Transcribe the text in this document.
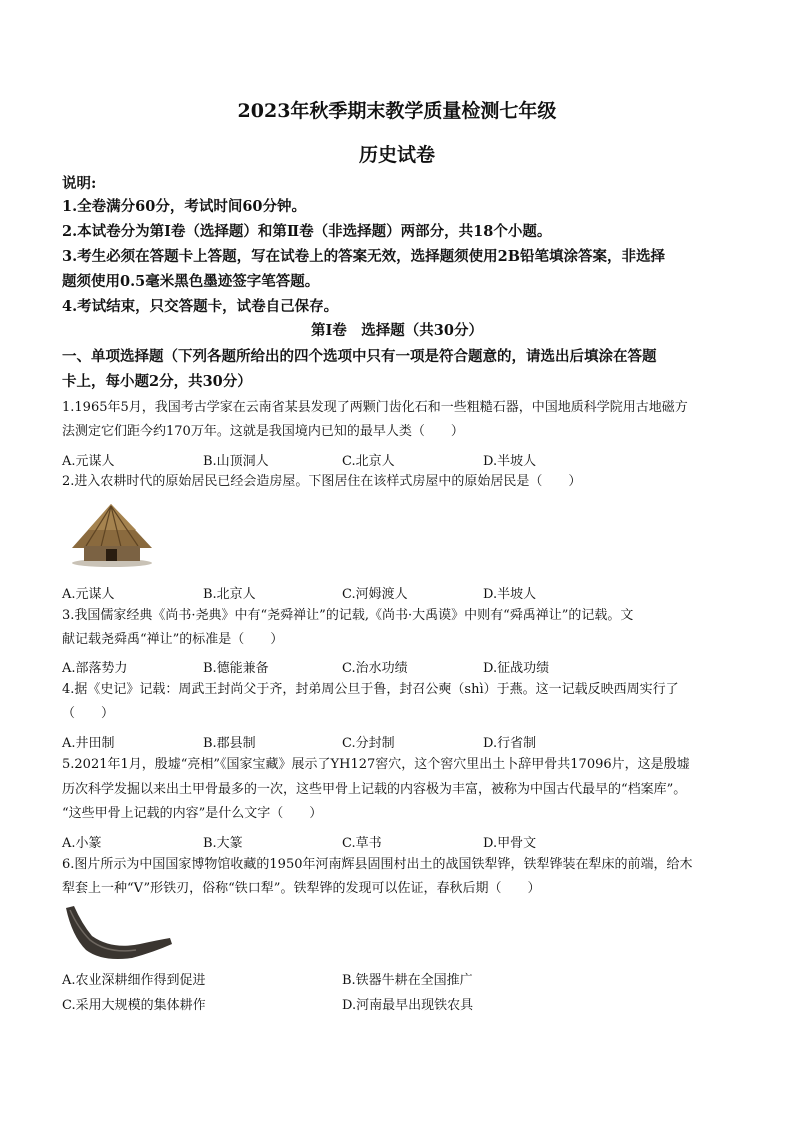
2023年秋季期末教学质量检测七年级
历史试卷
说明:
1.全卷满分60分，考试时间60分钟。
2.本试卷分为第Ⅰ卷（选择题）和第Ⅱ卷（非选择题）两部分，共18个小题。
3.考生必须在答题卡上答题，写在试卷上的答案无效，选择题须使用2B铅笔填涂答案，非选择
题须使用0.5毫米黑色墨迹签字笔答题。
4.考试结束，只交答题卡，试卷自己保存。
第Ⅰ卷　选择题（共30分）
一、单项选择题（下列各题所给出的四个选项中只有一项是符合题意的，请选出后填涂在答题
卡上，每小题2分，共30分）
1.1965年5月，我国考古学家在云南省某县发现了两颗门齿化石和一些粗糙石器，中国地质科学院用古地磁方
法测定它们距今约170万年。这就是我国境内已知的最早人类（　　）
A.元谋人	B.山顶洞人	C.北京人	D.半坡人
2.进入农耕时代的原始居民已经会造房屋。下图居住在该样式房屋中的原始居民是（　　）
A.元谋人	B.北京人	C.河姆渡人	D.半坡人
3.我国儒家经典《尚书·尧典》中有“尧舜禅让”的记载,《尚书·大禹谟》中则有“舜禹禅让”的记载。文
献记载尧舜禹“禅让”的标准是（　　）
A.部落势力	B.德能兼备	C.治水功绩	D.征战功绩
4.据《史记》记载：周武王封尚父于齐，封弟周公旦于鲁，封召公奭（shì）于燕。这一记载反映西周实行了
（　　）
A.井田制	B.郡县制	C.分封制	D.行省制
5.2021年1月，殷墟“亮相”《国家宝藏》展示了YH127窖穴，这个窖穴里出土卜辞甲骨共17096片，这是殷墟
历次科学发掘以来出土甲骨最多的一次，这些甲骨上记载的内容极为丰富，被称为中国古代最早的“档案库”。
“这些甲骨上记载的内容”是什么文字（　　）
A.小篆	B.大篆	C.草书	D.甲骨文
6.图片所示为中国国家博物馆收藏的1950年河南辉县固围村出土的战国铁犁铧，铁犁铧装在犁床的前端，给木
犁套上一种“V”形铁刃，俗称“铁口犁”。铁犁铧的发现可以佐证，春秋后期（　　）
A.农业深耕细作得到促进	B.铁器牛耕在全国推广
C.采用大规模的集体耕作	D.河南最早出现铁农具
